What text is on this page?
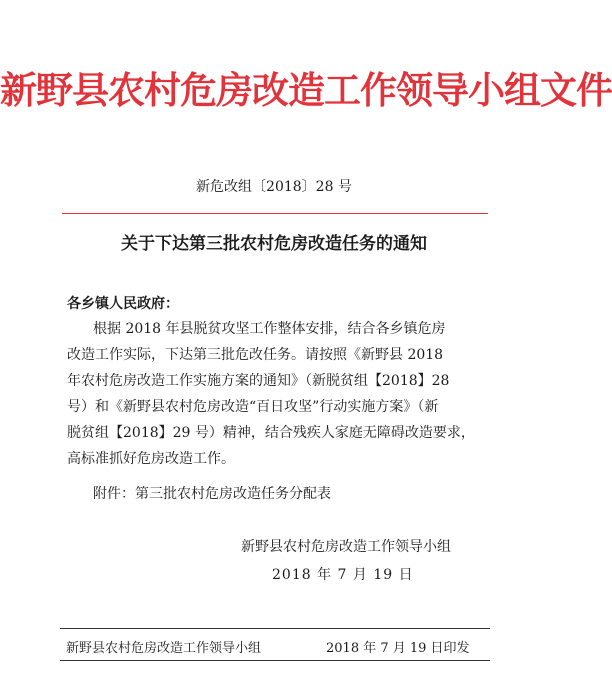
新野县农村危房改造工作领导小组文件
新危改组〔2018〕28 号
关于下达第三批农村危房改造任务的通知
各乡镇人民政府：
根据 2018 年县脱贫攻坚工作整体安排，结合各乡镇危房
改造工作实际，下达第三批危改任务。请按照《新野县 2018
年农村危房改造工作实施方案的通知》（新脱贫组【2018】28
号）和《新野县农村危房改造“百日攻坚”行动实施方案》（新
脱贫组【2018】29 号）精神，结合残疾人家庭无障碍改造要求，
高标准抓好危房改造工作。
附件：第三批农村危房改造任务分配表
新野县农村危房改造工作领导小组
2018 年 7 月 19 日
新野县农村危房改造工作领导小组	2018 年 7 月 19 日印发
